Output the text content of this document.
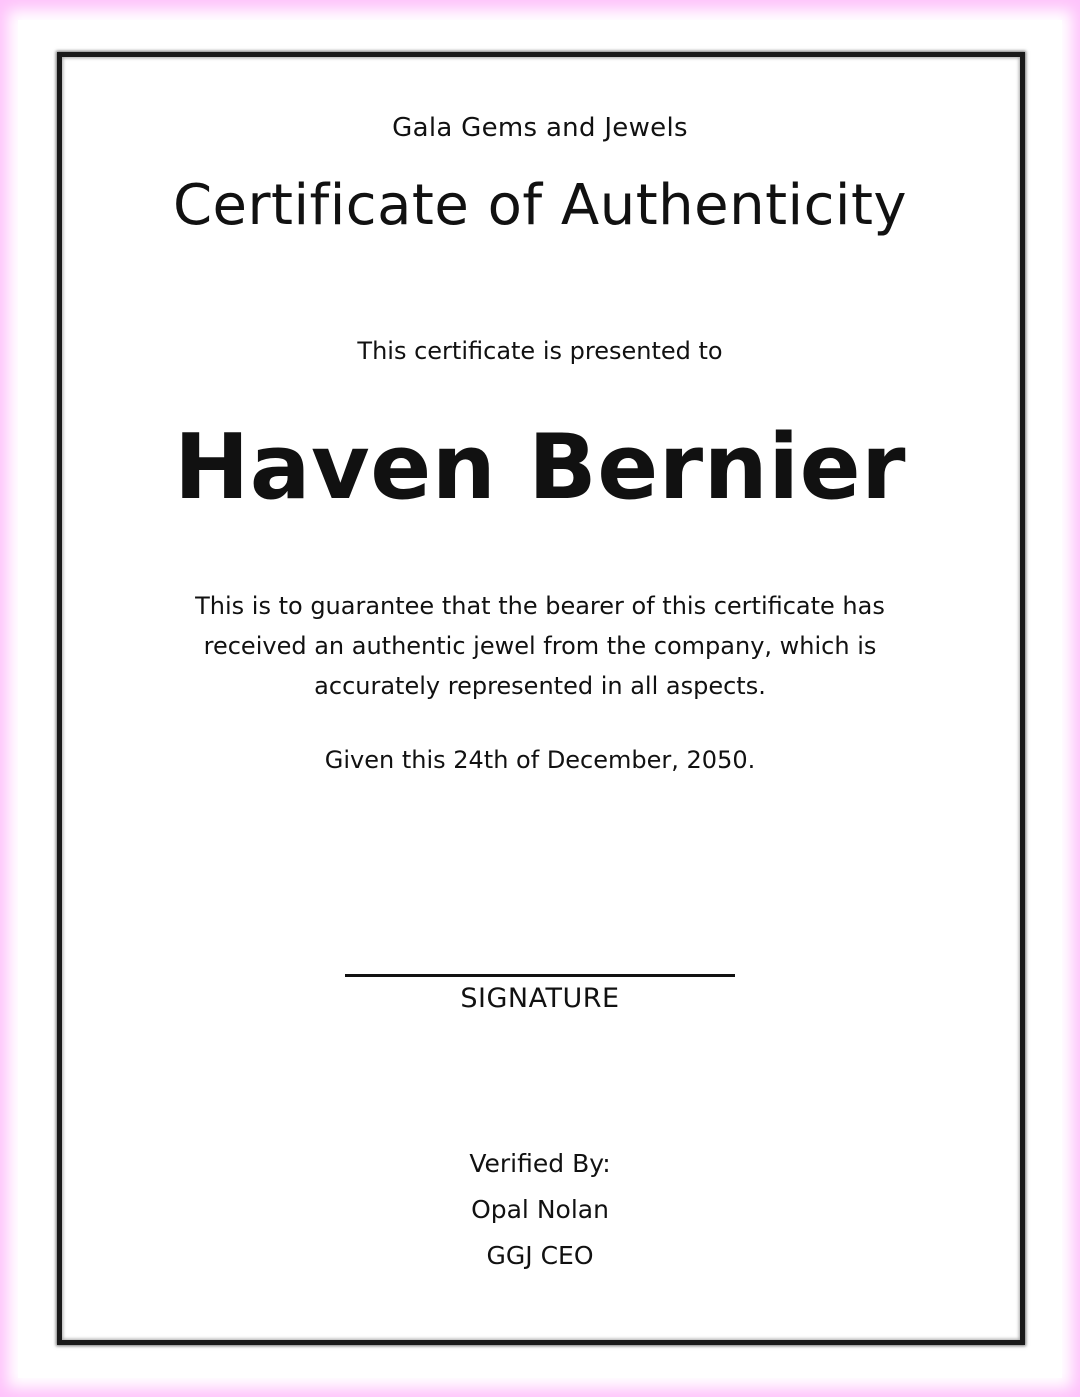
Gala Gems and Jewels
Certificate of Authenticity
This certificate is presented to
Haven Bernier
This is to guarantee that the bearer of this certificate has
received an authentic jewel from the company, which is
accurately represented in all aspects.
Given this 24th of December, 2050.
SIGNATURE
Verified By:
Opal Nolan
GGJ CEO
